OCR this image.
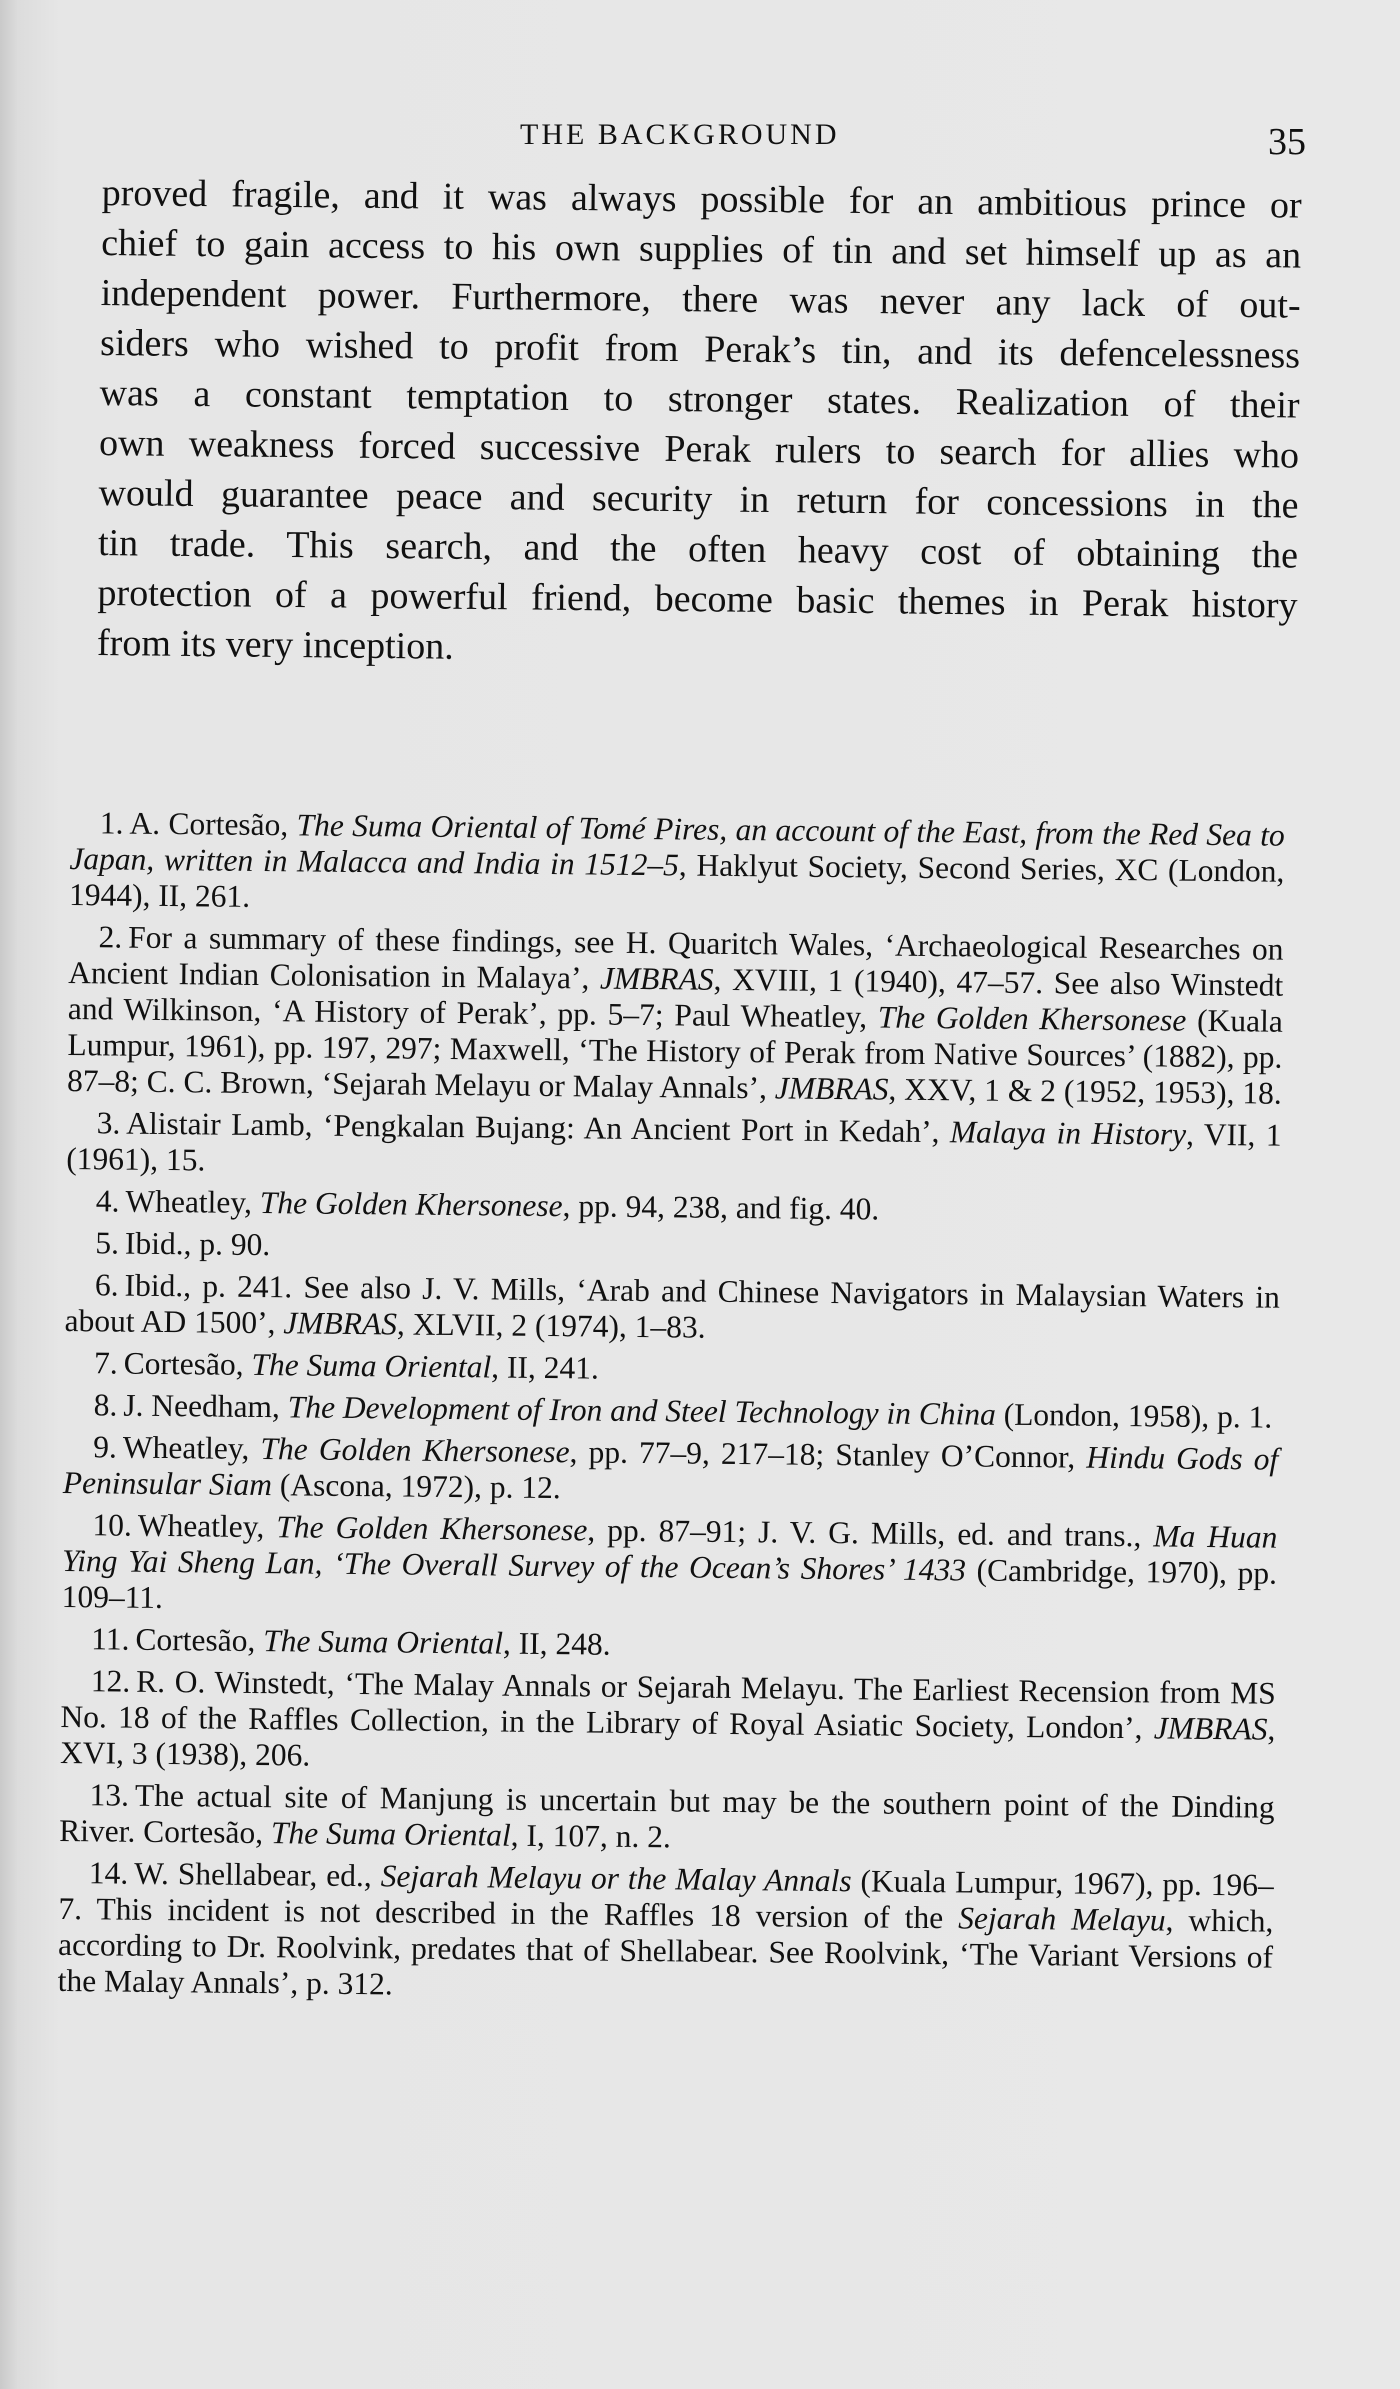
THE BACKGROUND	35
proved fragile, and it was always possible for an ambitious prince or
chief to gain access to his own supplies of tin and set himself up as an
independent power. Furthermore, there was never any lack of out-
siders who wished to profit from Perak’s tin, and its defencelessness
was a constant temptation to stronger states. Realization of their
own weakness forced successive Perak rulers to search for allies who
would guarantee peace and security in return for concessions in the
tin trade. This search, and the often heavy cost of obtaining the
protection of a powerful friend, become basic themes in Perak history
from its very inception.

1. A. Cortesão, The Suma Oriental of Tomé Pires, an account of the East, from the Red Sea to Japan, written in Malacca and India in 1512–5, Haklyut Society, Second Series, XC (London, 1944), II, 261.

2. For a summary of these findings, see H. Quaritch Wales, ‘Archaeological Researches on Ancient Indian Colonisation in Malaya’, JMBRAS, XVIII, 1 (1940), 47–57. See also Winstedt and Wilkinson, ‘A History of Perak’, pp. 5–7; Paul Wheatley, The Golden Khersonese (Kuala Lumpur, 1961), pp. 197, 297; Maxwell, ‘The History of Perak from Native Sources’ (1882), pp. 87–8; C. C. Brown, ‘Sejarah Melayu or Malay Annals’, JMBRAS, XXV, 1 & 2 (1952, 1953), 18.

3. Alistair Lamb, ‘Pengkalan Bujang: An Ancient Port in Kedah’, Malaya in History, VII, 1 (1961), 15.

4. Wheatley, The Golden Khersonese, pp. 94, 238, and fig. 40.

5. Ibid., p. 90.

6. Ibid., p. 241. See also J. V. Mills, ‘Arab and Chinese Navigators in Malaysian Waters in about AD 1500’, JMBRAS, XLVII, 2 (1974), 1–83.

7. Cortesão, The Suma Oriental, II, 241.

8. J. Needham, The Development of Iron and Steel Technology in China (London, 1958), p. 1.

9. Wheatley, The Golden Khersonese, pp. 77–9, 217–18; Stanley O’Connor, Hindu Gods of Peninsular Siam (Ascona, 1972), p. 12.

10. Wheatley, The Golden Khersonese, pp. 87–91; J. V. G. Mills, ed. and trans., Ma Huan Ying Yai Sheng Lan, ‘The Overall Survey of the Ocean’s Shores’ 1433 (Cambridge, 1970), pp. 109–11.

11. Cortesão, The Suma Oriental, II, 248.

12. R. O. Winstedt, ‘The Malay Annals or Sejarah Melayu. The Earliest Recension from MS No. 18 of the Raffles Collection, in the Library of Royal Asiatic Society, London’, JMBRAS, XVI, 3 (1938), 206.

13. The actual site of Manjung is uncertain but may be the southern point of the Dinding River. Cortesão, The Suma Oriental, I, 107, n. 2.

14. W. Shellabear, ed., Sejarah Melayu or the Malay Annals (Kuala Lumpur, 1967), pp. 196–7. This incident is not described in the Raffles 18 version of the Sejarah Melayu, which, according to Dr. Roolvink, predates that of Shellabear. See Roolvink, ‘The Variant Versions of the Malay Annals’, p. 312.
